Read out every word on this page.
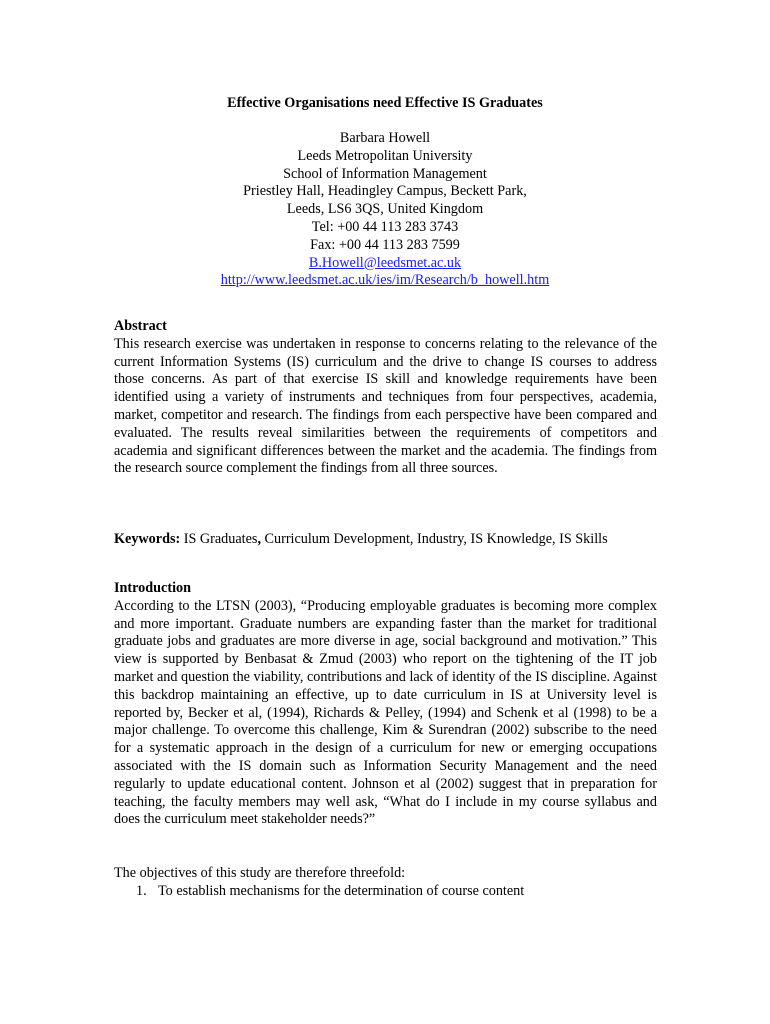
Effective Organisations need Effective IS Graduates
Barbara Howell
Leeds Metropolitan University
School of Information Management
Priestley Hall, Headingley Campus, Beckett Park,
Leeds, LS6 3QS, United Kingdom
Tel: +00 44 113 283 3743
Fax: +00 44 113 283 7599
B.Howell@leedsmet.ac.uk
http://www.leedsmet.ac.uk/ies/im/Research/b_howell.htm
Abstract

This research exercise was undertaken in response to concerns relating to the relevance of the current Information Systems (IS) curriculum and the drive to change IS courses to address those concerns. As part of that exercise IS skill and knowledge requirements have been identified using a variety of instruments and techniques from four perspectives, academia, market, competitor and research. The findings from each perspective have been compared and evaluated. The results reveal similarities between the requirements of competitors and academia and significant differences between the market and the academia. The findings from the research source complement the findings from all three sources.

Keywords: IS Graduates, Curriculum Development, Industry, IS Knowledge, IS Skills

Introduction

According to the LTSN (2003), “Producing employable graduates is becoming more complex and more important. Graduate numbers are expanding faster than the market for traditional graduate jobs and graduates are more diverse in age, social background and motivation.” This view is supported by Benbasat & Zmud (2003) who report on the tightening of the IT job market and question the viability, contributions and lack of identity of the IS discipline. Against this backdrop maintaining an effective, up to date curriculum in IS at University level is reported by, Becker et al, (1994), Richards & Pelley, (1994) and Schenk et al (1998) to be a major challenge. To overcome this challenge, Kim & Surendran (2002) subscribe to the need for a systematic approach in the design of a curriculum for new or emerging occupations associated with the IS domain such as Information Security Management and the need regularly to update educational content. Johnson et al (2002) suggest that in preparation for teaching, the faculty members may well ask, “What do I include in my course syllabus and does the curriculum meet stakeholder needs?”

The objectives of this study are therefore threefold:

1. To establish mechanisms for the determination of course content
